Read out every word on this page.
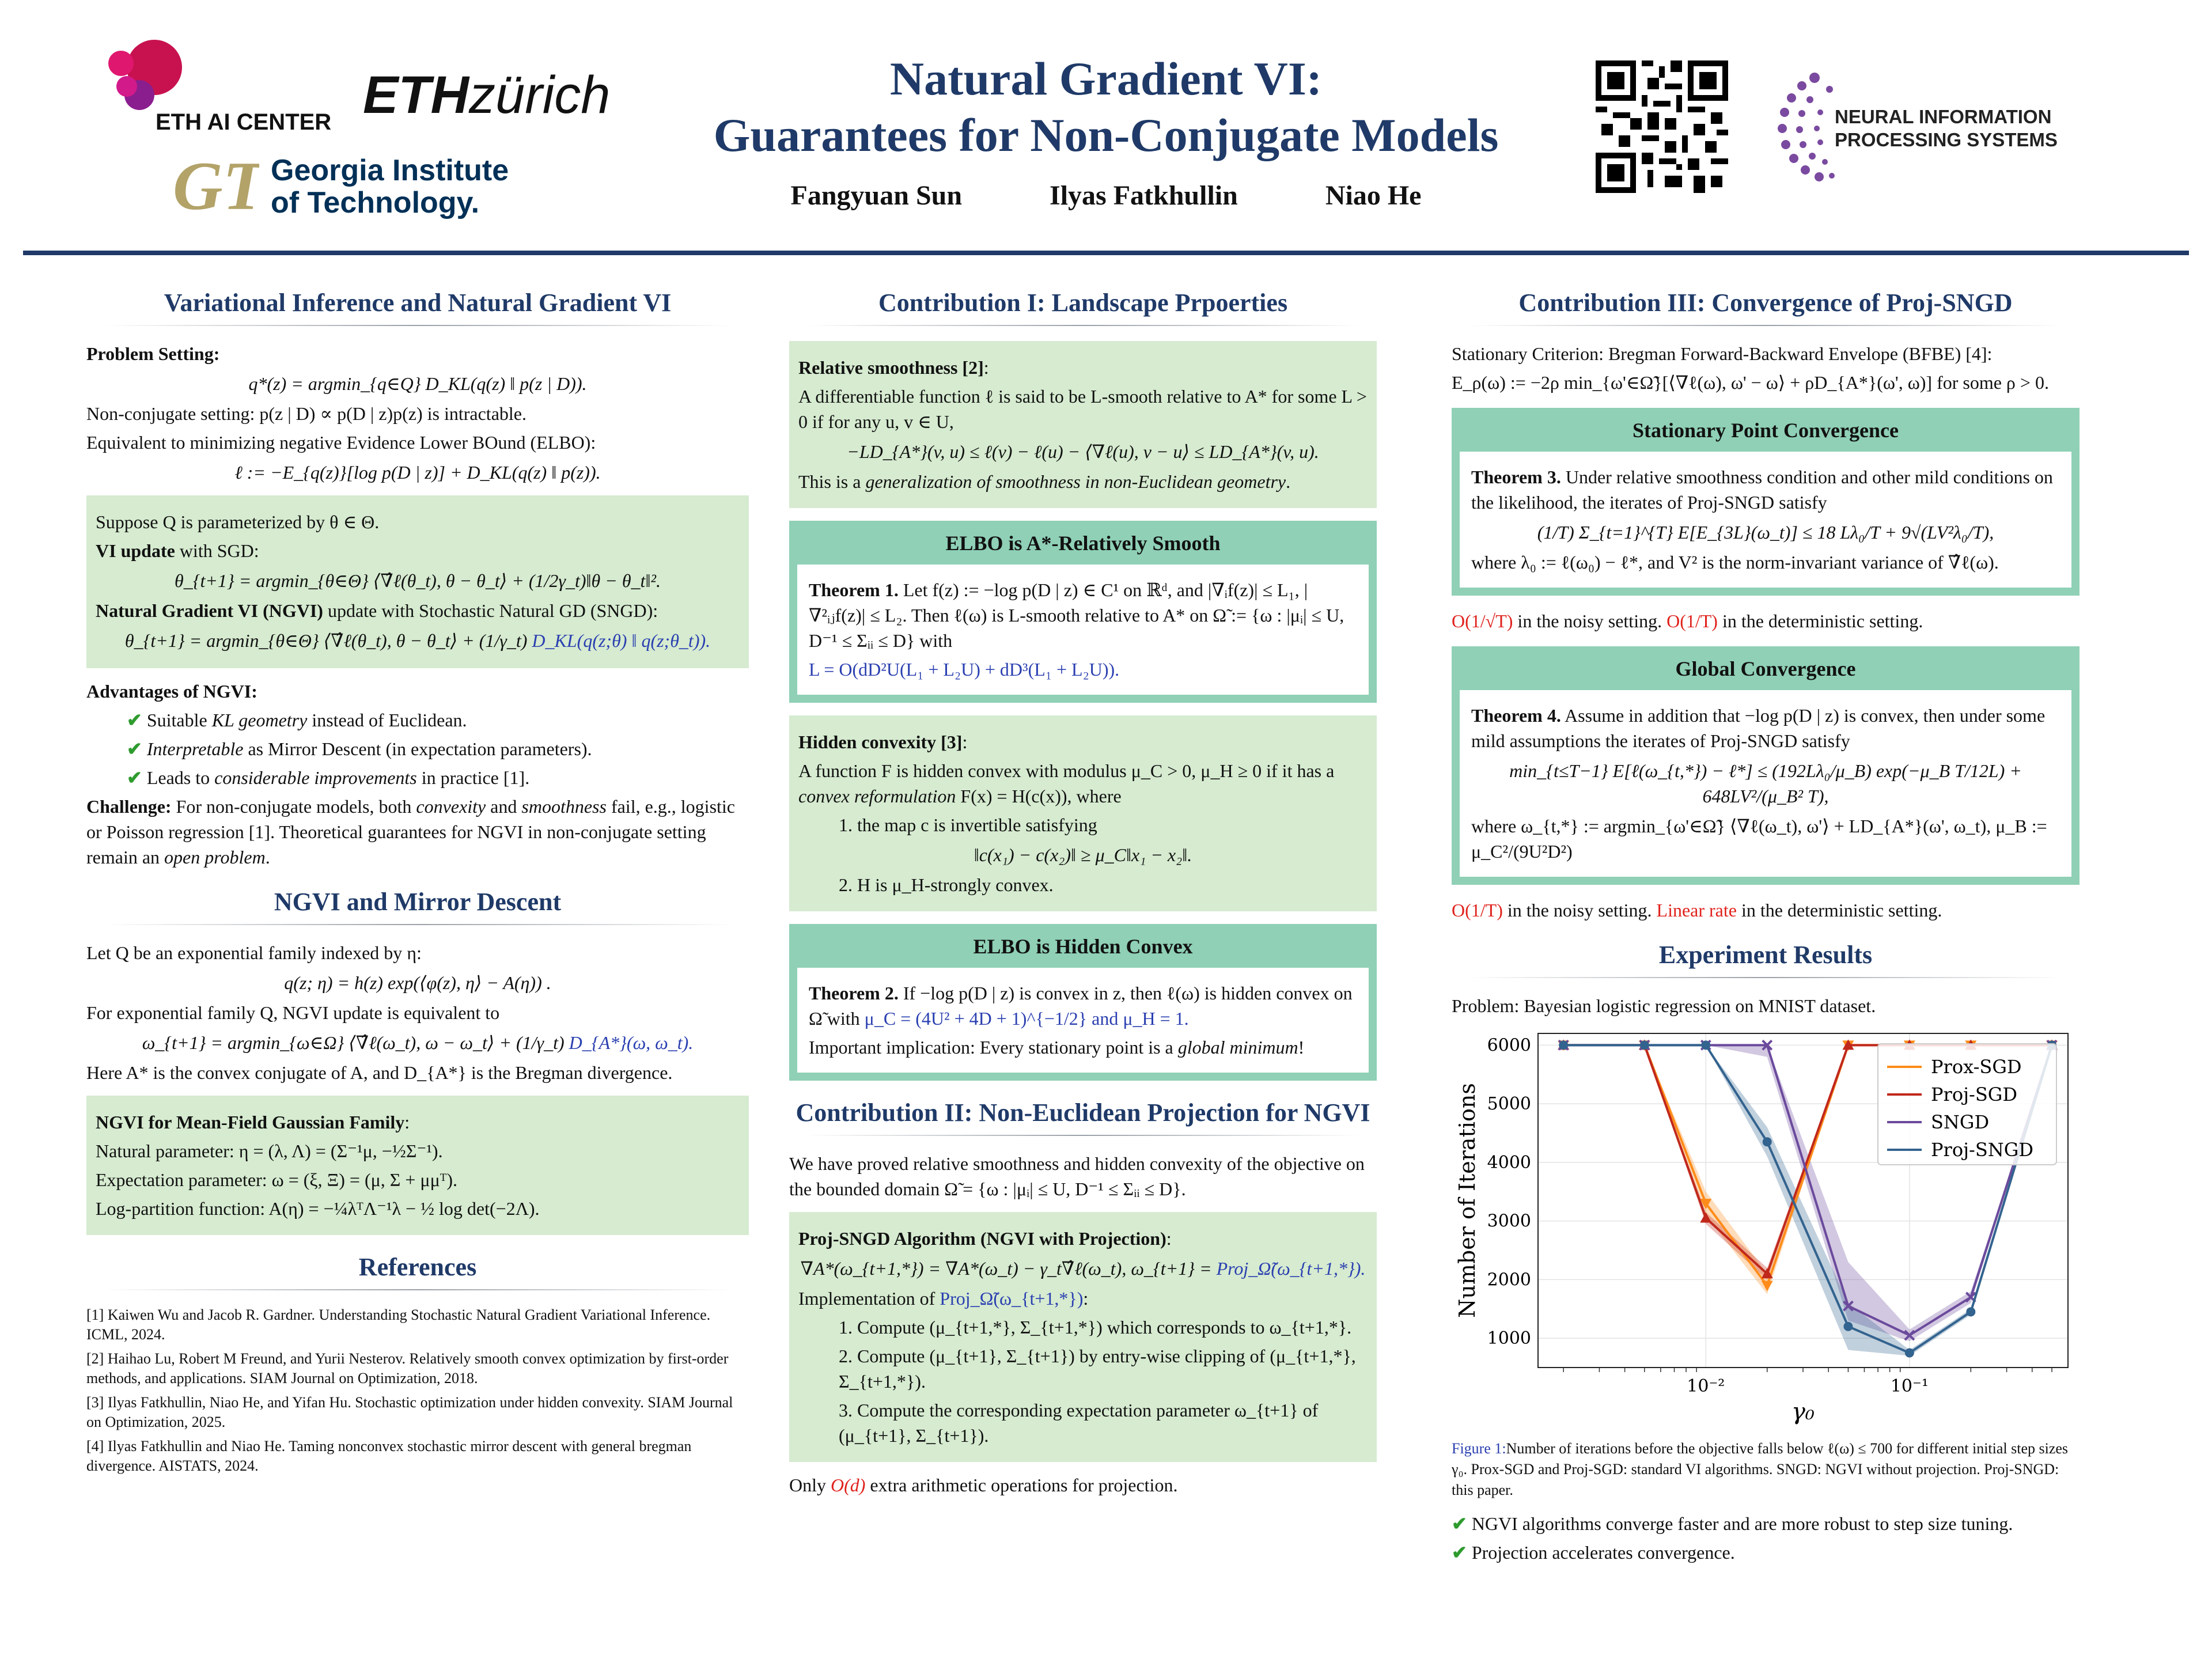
ETH AI CENTER ETHzürich
GT Georgia Institute
of Technology.
Natural Gradient VI:
Guarantees for Non-Conjugate Models
Fangyuan Sun	Ilyas Fatkhullin	Niao He
NEURAL INFORMATION
PROCESSING SYSTEMS
Variational Inference and Natural Gradient VI
Problem Setting:
q*(z) = argmin_{q∈Q} D_KL(q(z) ‖ p(z | D)).
Non-conjugate setting: p(z | D) ∝ p(D | z)p(z) is intractable.
Equivalent to minimizing negative Evidence Lower BOund (ELBO):
ℓ := −E_{q(z)}[log p(D | z)] + D_KL(q(z) ‖ p(z)).
Suppose Q is parameterized by θ ∈ Θ.
VI update with SGD:
θ_{t+1} = argmin_{θ∈Θ} ⟨∇̂ℓ(θ_t), θ − θ_t⟩ + (1/2γ_t)‖θ − θ_t‖².
Natural Gradient VI (NGVI) update with Stochastic Natural GD (SNGD):
θ_{t+1} = argmin_{θ∈Θ} ⟨∇̂ℓ(θ_t), θ − θ_t⟩ + (1/γ_t) D_KL(q(z;θ) ‖ q(z;θ_t)).
Advantages of NGVI:
✔ Suitable KL geometry instead of Euclidean.
✔ Interpretable as Mirror Descent (in expectation parameters).
✔ Leads to considerable improvements in practice [1].
Challenge: For non-conjugate models, both convexity and smoothness fail, e.g., logistic or Poisson regression [1]. Theoretical guarantees for NGVI in non-conjugate setting remain an open problem.
NGVI and Mirror Descent
Let Q be an exponential family indexed by η:
q(z; η) = h(z) exp(⟨φ(z), η⟩ − A(η)) .
For exponential family Q, NGVI update is equivalent to
ω_{t+1} = argmin_{ω∈Ω} ⟨∇̂ℓ(ω_t), ω − ω_t⟩ + (1/γ_t) D_{A*}(ω, ω_t).
Here A* is the convex conjugate of A, and D_{A*} is the Bregman divergence.
NGVI for Mean-Field Gaussian Family:
Natural parameter: η = (λ, Λ) = (Σ⁻¹μ, −½Σ⁻¹).
Expectation parameter: ω = (ξ, Ξ) = (μ, Σ + μμᵀ).
Log-partition function: A(η) = −¼λᵀΛ⁻¹λ − ½ log det(−2Λ).
References
[1] Kaiwen Wu and Jacob R. Gardner. Understanding Stochastic Natural Gradient Variational Inference. ICML, 2024.
[2] Haihao Lu, Robert M Freund, and Yurii Nesterov. Relatively smooth convex optimization by first-order methods, and applications. SIAM Journal on Optimization, 2018.
[3] Ilyas Fatkhullin, Niao He, and Yifan Hu. Stochastic optimization under hidden convexity. SIAM Journal on Optimization, 2025.
[4] Ilyas Fatkhullin and Niao He. Taming nonconvex stochastic mirror descent with general bregman divergence. AISTATS, 2024.
Contribution I: Landscape Prpoerties
Relative smoothness [2]:
A differentiable function ℓ is said to be L-smooth relative to A* for some L > 0 if for any u, v ∈ U,
−LD_{A*}(v, u) ≤ ℓ(v) − ℓ(u) − ⟨∇ℓ(u), v − u⟩ ≤ LD_{A*}(v, u).
This is a generalization of smoothness in non-Euclidean geometry.
ELBO is A*-Relatively Smooth
Theorem 1. Let f(z) := −log p(D | z) ∈ C¹ on ℝᵈ, and |∇ᵢf(z)| ≤ L₁, |∇²ᵢⱼf(z)| ≤ L₂. Then ℓ(ω) is L-smooth relative to A* on Ω̃ := {ω : |μᵢ| ≤ U, D⁻¹ ≤ Σᵢᵢ ≤ D} with
L = O(dD²U(L₁ + L₂U) + dD³(L₁ + L₂U)).
Hidden convexity [3]:
A function F is hidden convex with modulus μ_C > 0, μ_H ≥ 0 if it has a convex reformulation F(x) = H(c(x)), where
1. the map c is invertible satisfying
‖c(x₁) − c(x₂)‖ ≥ μ_C‖x₁ − x₂‖.
2. H is μ_H-strongly convex.
ELBO is Hidden Convex
Theorem 2. If −log p(D | z) is convex in z, then ℓ(ω) is hidden convex on Ω̃ with μ_C = (4U² + 4D + 1)^{−1/2} and μ_H = 1.
Important implication: Every stationary point is a global minimum!
Contribution II: Non-Euclidean Projection for NGVI
We have proved relative smoothness and hidden convexity of the objective on the bounded domain Ω̃ = {ω : |μᵢ| ≤ U, D⁻¹ ≤ Σᵢᵢ ≤ D}.
Proj-SNGD Algorithm (NGVI with Projection):
∇A*(ω_{t+1,*}) = ∇A*(ω_t) − γ_t∇̂ℓ(ω_t), ω_{t+1} = Proj_Ω̃(ω_{t+1,*}).
Implementation of Proj_Ω̃(ω_{t+1,*}):
1. Compute (μ_{t+1,*}, Σ_{t+1,*}) which corresponds to ω_{t+1,*}.
2. Compute (μ_{t+1}, Σ_{t+1}) by entry-wise clipping of (μ_{t+1,*}, Σ_{t+1,*}).
3. Compute the corresponding expectation parameter ω_{t+1} of (μ_{t+1}, Σ_{t+1}).
Only O(d) extra arithmetic operations for projection.
Contribution III: Convergence of Proj-SNGD
Stationary Criterion: Bregman Forward-Backward Envelope (BFBE) [4]:
E_ρ(ω) := −2ρ min_{ω'∈Ω̃}[⟨∇ℓ(ω), ω' − ω⟩ + ρD_{A*}(ω', ω)] for some ρ > 0.
Stationary Point Convergence
Theorem 3. Under relative smoothness condition and other mild conditions on the likelihood, the iterates of Proj-SNGD satisfy
(1/T) Σ_{t=1}^{T} E[E_{3L}(ω_t)] ≤ 18 Lλ₀/T + 9√(LV²λ₀/T),
where λ₀ := ℓ(ω₀) − ℓ*, and V² is the norm-invariant variance of ∇̂ℓ(ω).
O(1/√T) in the noisy setting. O(1/T) in the deterministic setting.
Global Convergence
Theorem 4. Assume in addition that −log p(D | z) is convex, then under some mild assumptions the iterates of Proj-SNGD satisfy
min_{t≤T−1} E[ℓ(ω_{t,*}) − ℓ*] ≤ (192Lλ₀/μ_B) exp(−μ_B T/12L) + 648LV²/(μ_B² T),
where ω_{t,*} := argmin_{ω'∈Ω̃} ⟨∇ℓ(ω_t), ω'⟩ + LD_{A*}(ω', ω_t), μ_B := μ_C²/(9U²D²)
O(1/T) in the noisy setting. Linear rate in the deterministic setting.
Experiment Results
Problem: Bayesian logistic regression on MNIST dataset.
1000
2000
3000
4000
5000
6000
10⁻²	10⁻¹
γ₀
Number of Iterations
Prox-SGD
Proj-SGD
SNGD
Proj-SNGD
Figure 1:Number of iterations before the objective falls below ℓ(ω) ≤ 700 for different initial step sizes γ₀. Prox-SGD and Proj-SGD: standard VI algorithms. SNGD: NGVI without projection. Proj-SNGD: this paper.
✔ NGVI algorithms converge faster and are more robust to step size tuning.
✔ Projection accelerates convergence.
